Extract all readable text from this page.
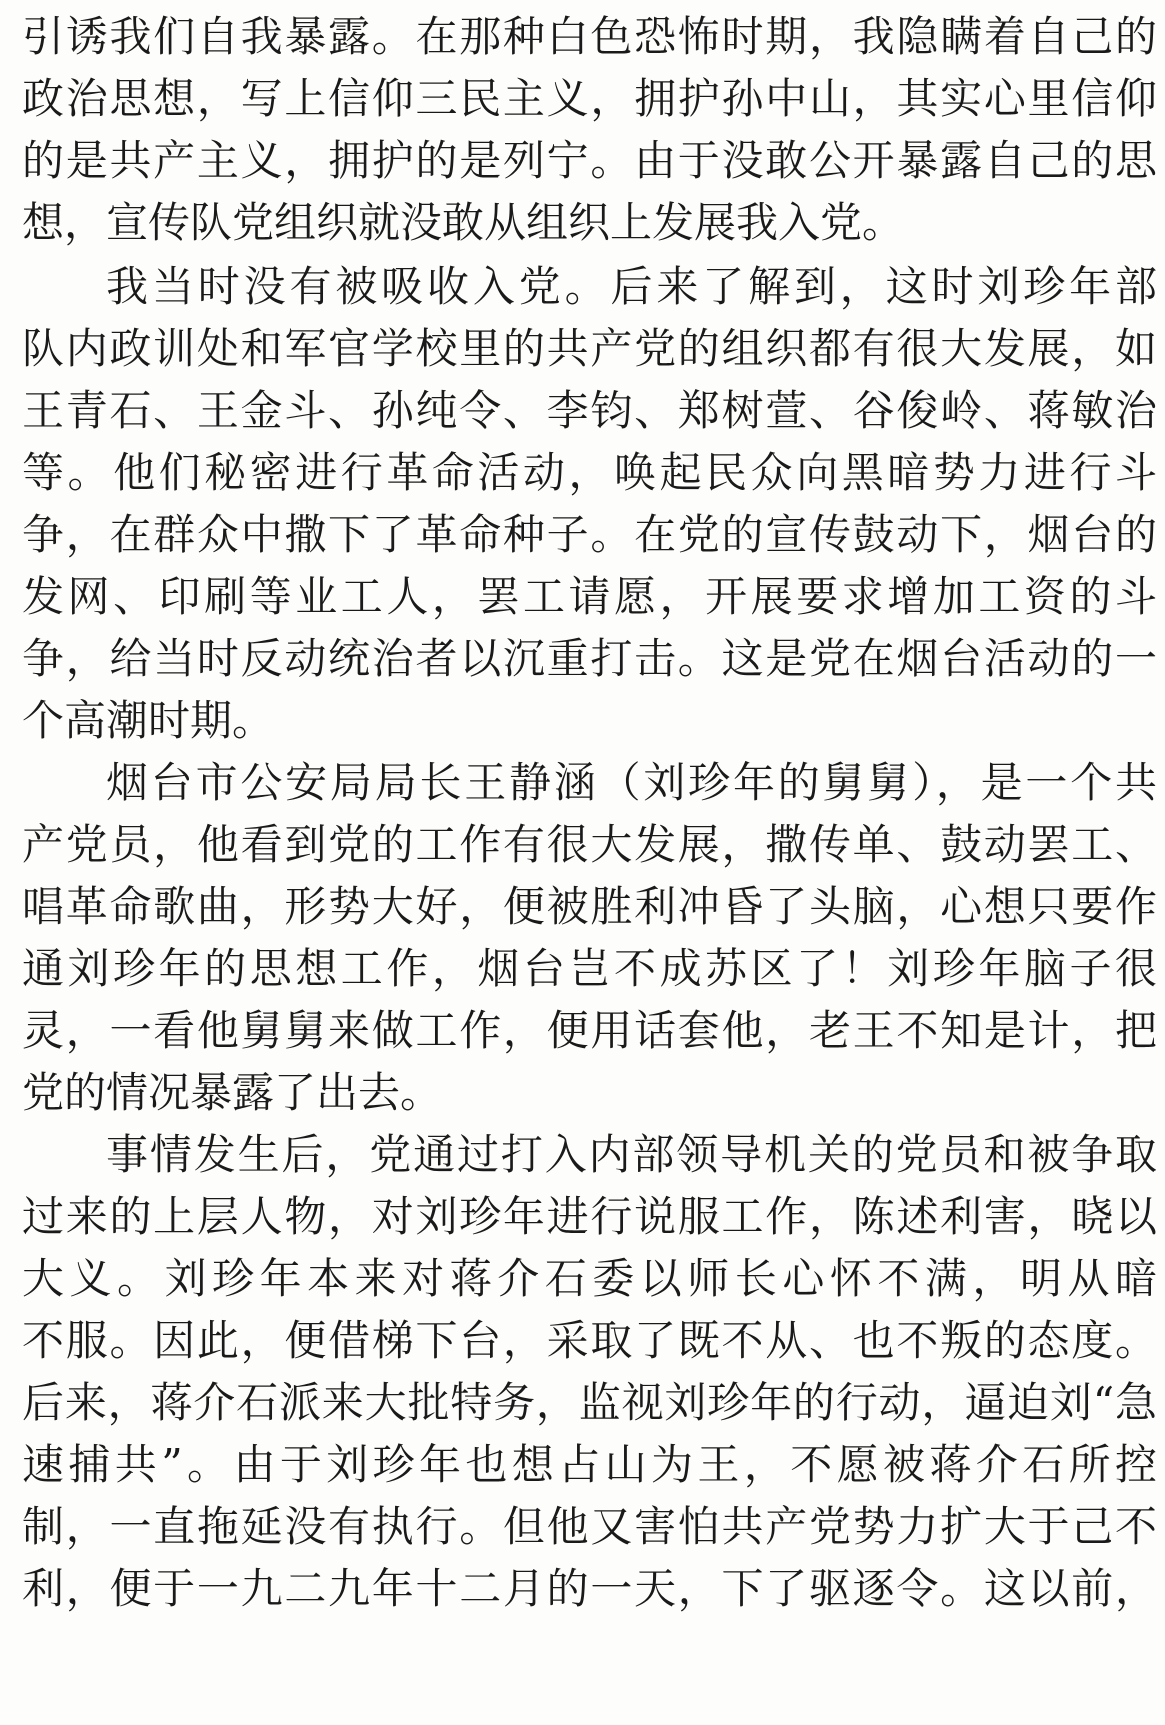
引诱我们自我暴露。在那种白色恐怖时期，我隐瞒着自己的
政治思想，写上信仰三民主义，拥护孙中山，其实心里信仰
的是共产主义，拥护的是列宁。由于没敢公开暴露自己的思
想，宣传队党组织就没敢从组织上发展我入党。
我当时没有被吸收入党。后来了解到，这时刘珍年部
队内政训处和军官学校里的共产党的组织都有很大发展，如
王青石、王金斗、孙纯令、李钧、郑树萱、谷俊岭、蒋敏治
等。他们秘密进行革命活动，唤起民众向黑暗势力进行斗
争，在群众中撒下了革命种子。在党的宣传鼓动下，烟台的
发网、印刷等业工人，罢工请愿，开展要求增加工资的斗
争，给当时反动统治者以沉重打击。这是党在烟台活动的一
个高潮时期。
烟台市公安局局长王静涵（刘珍年的舅舅），是一个共
产党员，他看到党的工作有很大发展，撒传单、鼓动罢工、
唱革命歌曲，形势大好，便被胜利冲昏了头脑，心想只要作
通刘珍年的思想工作，烟台岂不成苏区了！刘珍年脑子很
灵，一看他舅舅来做工作，便用话套他，老王不知是计，把
党的情况暴露了出去。
事情发生后，党通过打入内部领导机关的党员和被争取
过来的上层人物，对刘珍年进行说服工作，陈述利害，晓以
大义。刘珍年本来对蒋介石委以师长心怀不满，明从暗
不服。因此，便借梯下台，采取了既不从、也不叛的态度。
后来，蒋介石派来大批特务，监视刘珍年的行动，逼迫刘“急
速捕共”。由于刘珍年也想占山为王，不愿被蒋介石所控
制，一直拖延没有执行。但他又害怕共产党势力扩大于己不
利，便于一九二九年十二月的一天，下了驱逐令。这以前，
